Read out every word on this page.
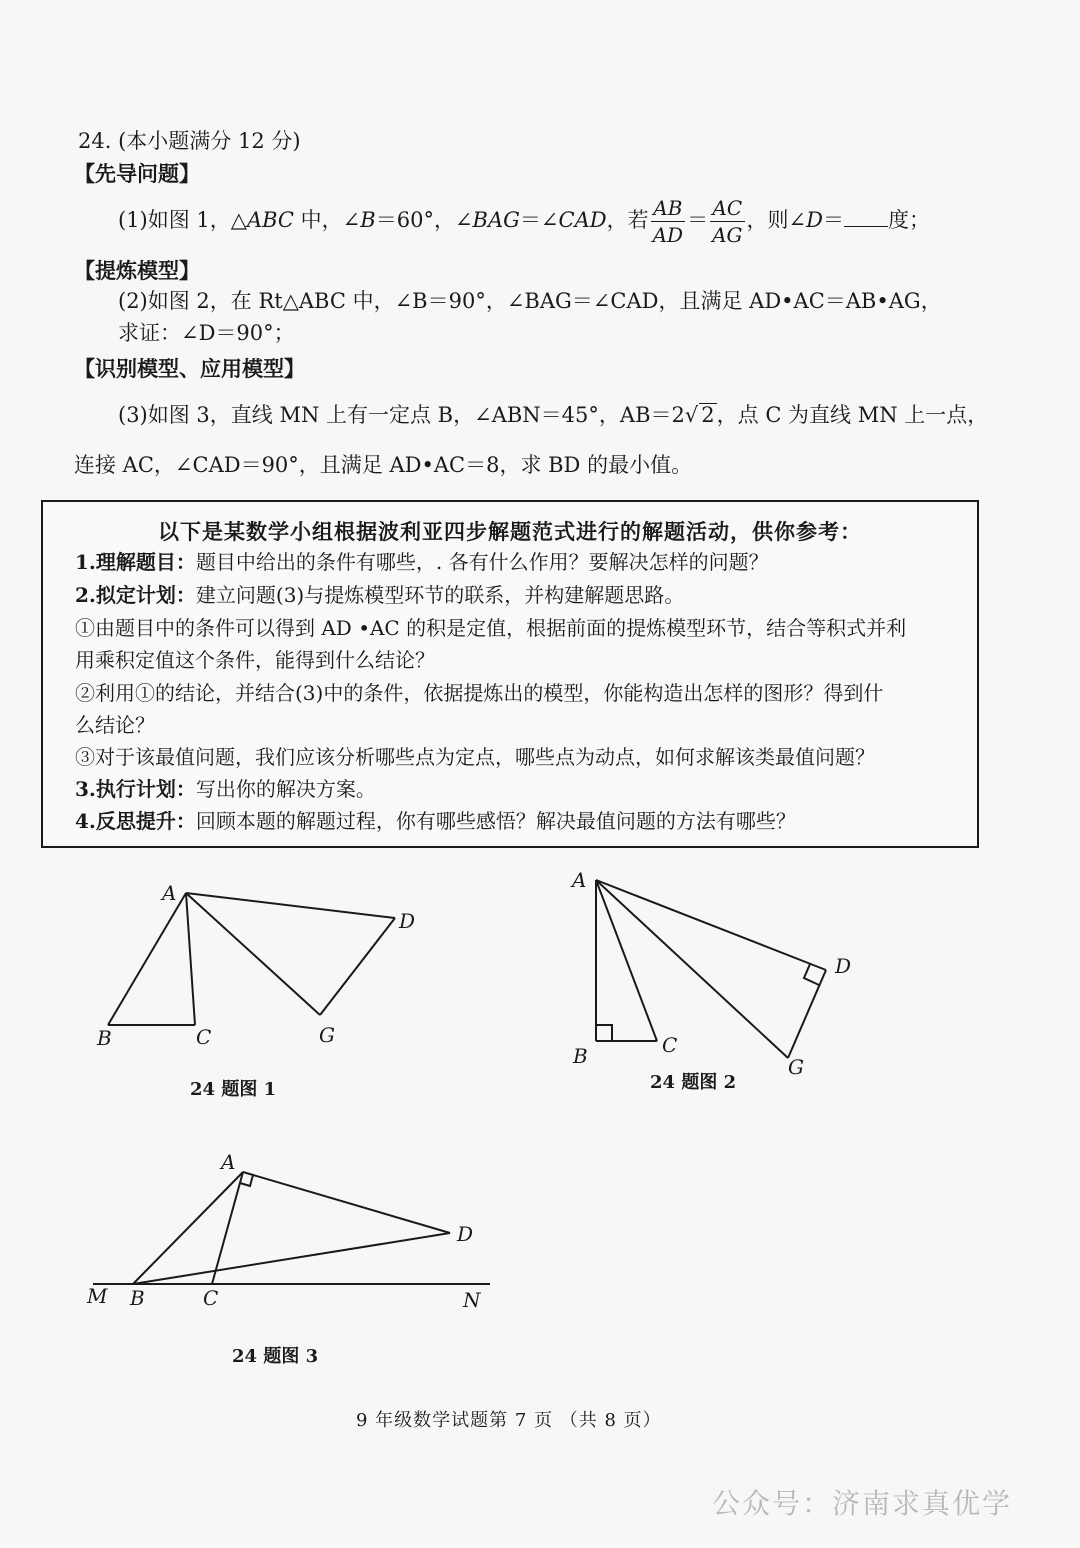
24. (本小题满分 12 分)
【先导问题】
(1)如图 1，△ABC 中，∠B＝60°，∠BAG＝∠CAD，若 $\frac{AB}{AD} = \frac{AC}{AG}$ ，则∠D＝ 度；
【提炼模型】
(2)如图 2，在 Rt△ABC 中，∠B＝90°，∠BAG＝∠CAD，且满足 AD•AC＝AB•AG，
求证：∠D＝90°；
【识别模型、应用模型】
(3)如图 3，直线 MN 上有一定点 B，∠ABN＝45°，AB＝2√ 2，点 C 为直线 MN 上一点，
连接 AC，∠CAD＝90°，且满足 AD•AC＝8，求 BD 的最小值。
以下是某数学小组根据波利亚四步解题范式进行的解题活动，供你参考：
1.理解题目：题目中给出的条件有哪些，. 各有什么作用？要解决怎样的问题？
2.拟定计划：建立问题(3)与提炼模型环节的联系，并构建解题思路。
①由题目中的条件可以得到 AD •AC 的积是定值，根据前面的提炼模型环节，结合等积式并利
用乘积定值这个条件，能得到什么结论？
②利用①的结论，并结合(3)中的条件，依据提炼出的模型，你能构造出怎样的图形？得到什
么结论？
③对于该最值问题，我们应该分析哪些点为定点，哪些点为动点，如何求解该类最值问题？
3.执行计划：写出你的解决方案。
4.反思提升：回顾本题的解题过程，你有哪些感悟？解决最值问题的方法有哪些？
A
B	C
D
G
A
B	C
D
G
A
B	C
D
M	N
24 题图 1	24 题图 2
24 题图 3
9 年级数学试题第 7 页 （共 8 页）
公众号：济南求真优学
